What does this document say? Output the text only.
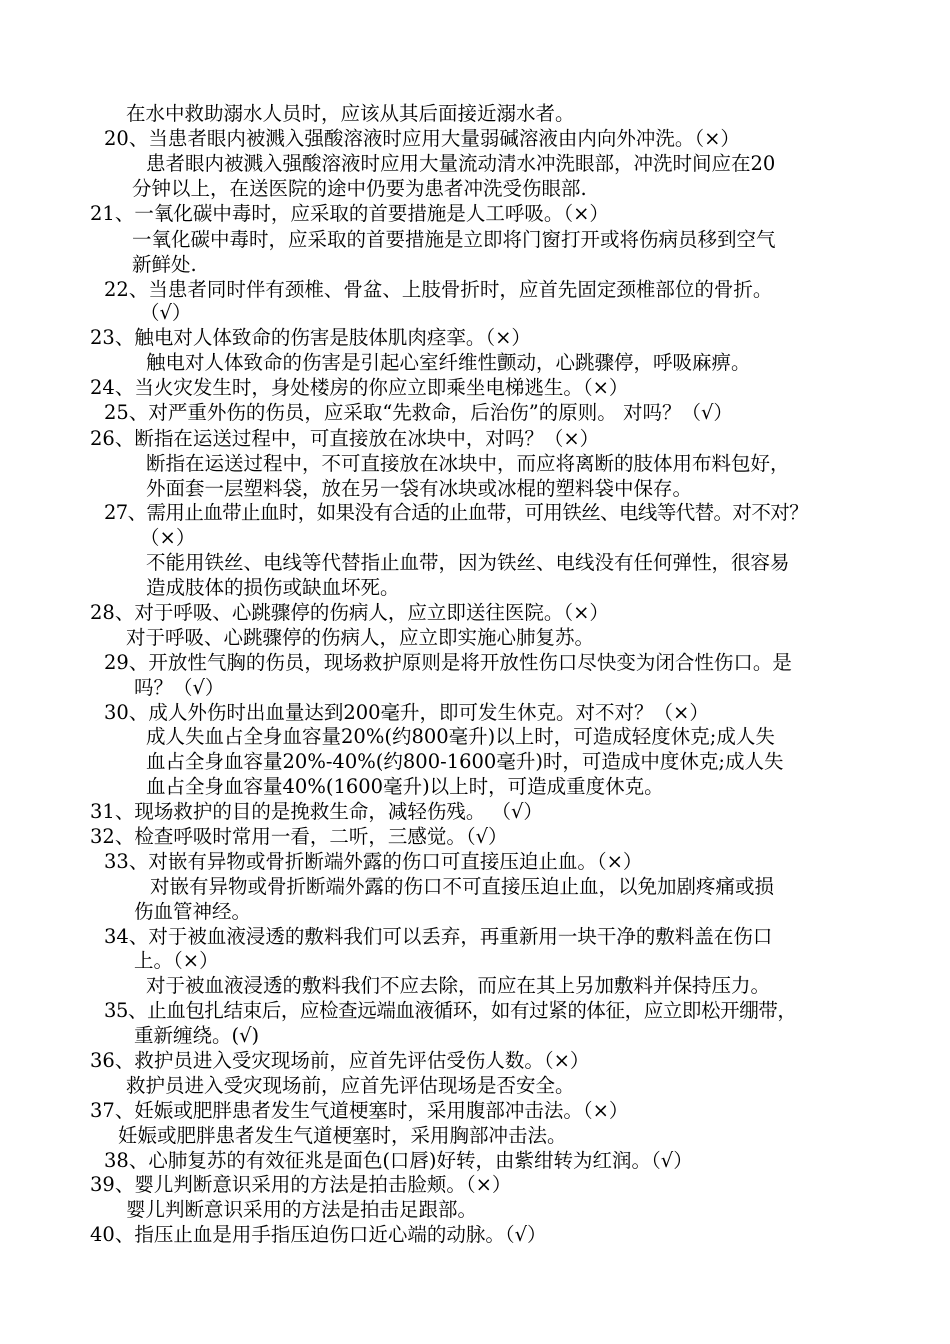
在水中救助溺水人员时，应该从其后面接近溺水者。
20、当患者眼内被溅入强酸溶液时应用大量弱碱溶液由内向外冲洗。（×）
患者眼内被溅入强酸溶液时应用大量流动清水冲洗眼部，冲洗时间应在20
分钟以上，在送医院的途中仍要为患者冲洗受伤眼部.
21、一氧化碳中毒时，应采取的首要措施是人工呼吸。（×）
一氧化碳中毒时，应采取的首要措施是立即将门窗打开或将伤病员移到空气
新鲜处.
22、当患者同时伴有颈椎、骨盆、上肢骨折时，应首先固定颈椎部位的骨折。
（√）
23、触电对人体致命的伤害是肢体肌肉痉挛。（×）
触电对人体致命的伤害是引起心室纤维性颤动，心跳骤停，呼吸麻痹。
24、当火灾发生时，身处楼房的你应立即乘坐电梯逃生。（×）
25、对严重外伤的伤员，应采取“先救命，后治伤”的原则。 对吗？（√）
26、断指在运送过程中，可直接放在冰块中，对吗？（×）
断指在运送过程中，不可直接放在冰块中，而应将离断的肢体用布料包好，
外面套一层塑料袋，放在另一袋有冰块或冰棍的塑料袋中保存。
27、需用止血带止血时，如果没有合适的止血带，可用铁丝、电线等代替。对不对？
（×）
不能用铁丝、电线等代替指止血带，因为铁丝、电线没有任何弹性，很容易
造成肢体的损伤或缺血坏死。
28、对于呼吸、心跳骤停的伤病人，应立即送往医院。（×）
对于呼吸、心跳骤停的伤病人，应立即实施心肺复苏。
29、开放性气胸的伤员，现场救护原则是将开放性伤口尽快变为闭合性伤口。是
吗？（√）
30、成人外伤时出血量达到200毫升，即可发生休克。对不对？（×）
成人失血占全身血容量20%(约800毫升)以上时，可造成轻度休克;成人失
血占全身血容量20%-40%(约800-1600毫升)时，可造成中度休克;成人失
血占全身血容量40%(1600毫升)以上时，可造成重度休克。
31、现场救护的目的是挽救生命，减轻伤残。 （√）
32、检查呼吸时常用一看，二听，三感觉。（√）
33、对嵌有异物或骨折断端外露的伤口可直接压迫止血。（×）
对嵌有异物或骨折断端外露的伤口不可直接压迫止血，以免加剧疼痛或损
伤血管神经。
34、对于被血液浸透的敷料我们可以丢弃，再重新用一块干净的敷料盖在伤口
上。（×）
对于被血液浸透的敷料我们不应去除，而应在其上另加敷料并保持压力。
35、止血包扎结束后，应检查远端血液循环，如有过紧的体征，应立即松开绷带，
重新缠绕。(√)
36、救护员进入受灾现场前，应首先评估受伤人数。（×）
救护员进入受灾现场前，应首先评估现场是否安全。
37、妊娠或肥胖患者发生气道梗塞时，采用腹部冲击法。（×）
妊娠或肥胖患者发生气道梗塞时，采用胸部冲击法。
38、心肺复苏的有效征兆是面色(口唇)好转，由紫绀转为红润。（√）
39、婴儿判断意识采用的方法是拍击脸颊。（×）
婴儿判断意识采用的方法是拍击足跟部。
40、指压止血是用手指压迫伤口近心端的动脉。（√）
